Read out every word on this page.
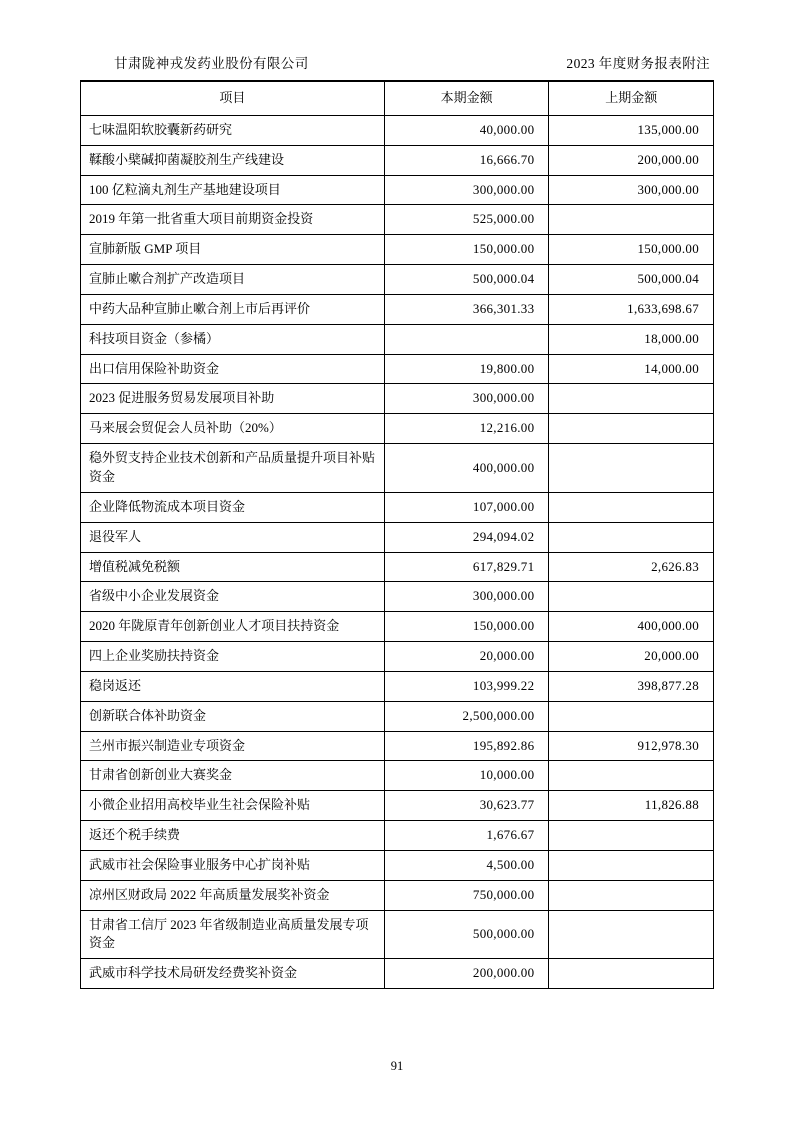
甘肃陇神戎发药业股份有限公司	2023 年度财务报表附注
项目	本期金额	上期金额
七味温阳软胶囊新药研究	40,000.00	135,000.00
鞣酸小檗碱抑菌凝胶剂生产线建设	16,666.70	200,000.00
100 亿粒滴丸剂生产基地建设项目	300,000.00	300,000.00
2019 年第一批省重大项目前期资金投资	525,000.00	
宣肺新版 GMP 项目	150,000.00	150,000.00
宣肺止嗽合剂扩产改造项目	500,000.04	500,000.04
中药大品种宣肺止嗽合剂上市后再评价	366,301.33	1,633,698.67
科技项目资金（参橘）		18,000.00
出口信用保险补助资金	19,800.00	14,000.00
2023 促进服务贸易发展项目补助	300,000.00	
马来展会贸促会人员补助（20%）	12,216.00	
稳外贸支持企业技术创新和产品质量提升项目补贴资金	400,000.00	
企业降低物流成本项目资金	107,000.00	
退役军人	294,094.02	
增值税减免税额	617,829.71	2,626.83
省级中小企业发展资金	300,000.00	
2020 年陇原青年创新创业人才项目扶持资金	150,000.00	400,000.00
四上企业奖励扶持资金	20,000.00	20,000.00
稳岗返还	103,999.22	398,877.28
创新联合体补助资金	2,500,000.00	
兰州市振兴制造业专项资金	195,892.86	912,978.30
甘肃省创新创业大赛奖金	10,000.00	
小微企业招用高校毕业生社会保险补贴	30,623.77	11,826.88
返还个税手续费	1,676.67	
武威市社会保险事业服务中心扩岗补贴	4,500.00	
凉州区财政局 2022 年高质量发展奖补资金	750,000.00	
甘肃省工信厅 2023 年省级制造业高质量发展专项资金	500,000.00	
武威市科学技术局研发经费奖补资金	200,000.00	
91
